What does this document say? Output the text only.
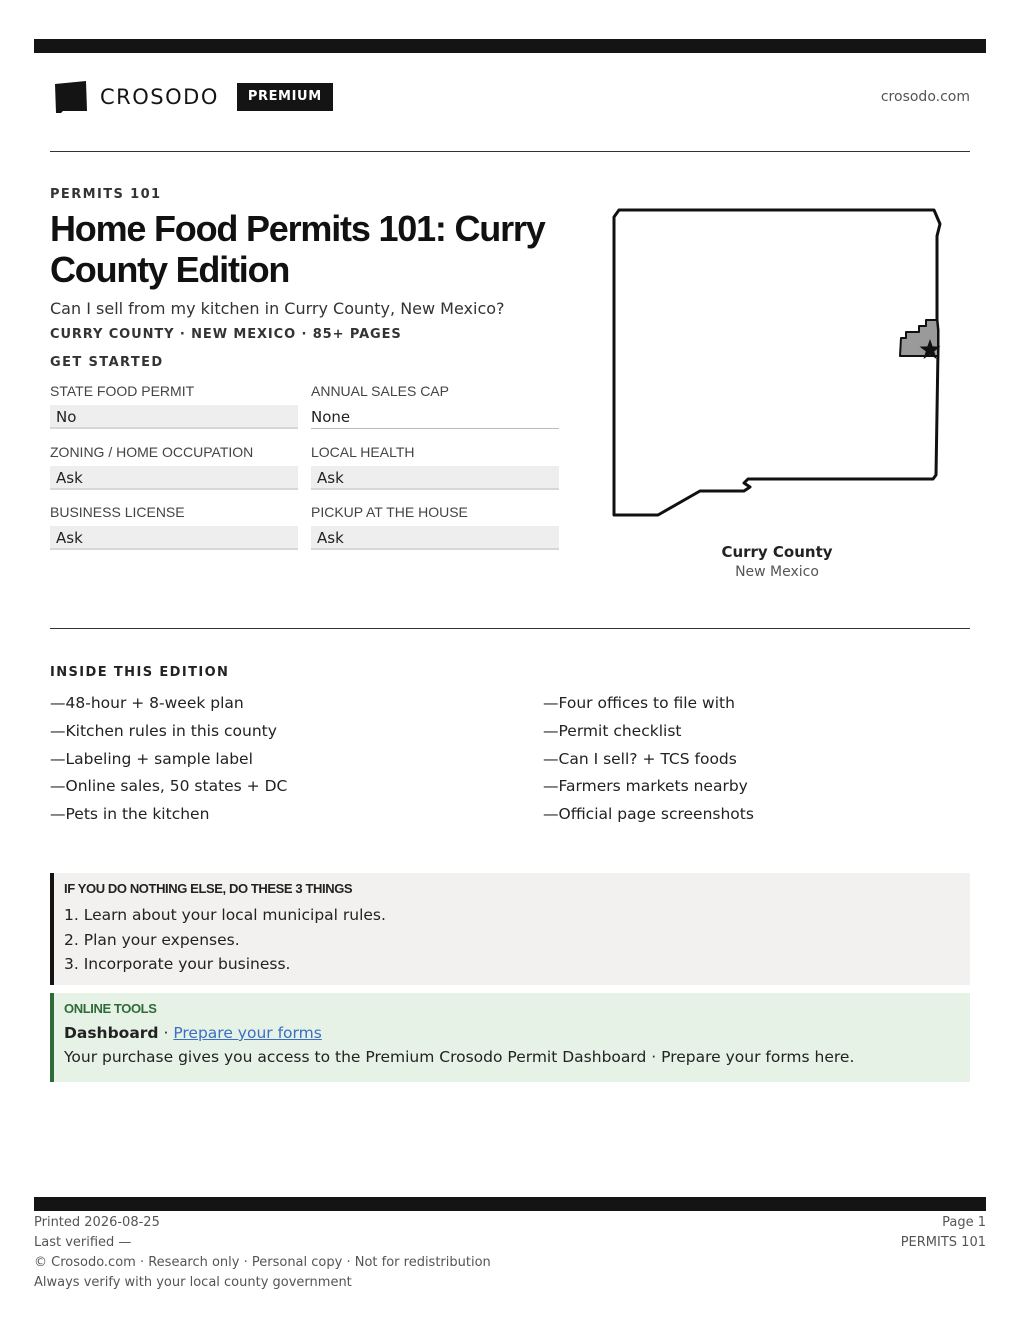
CROSODO	PREMIUM	crosodo.com
PERMITS 101
Home Food Permits 101: Curry County Edition
Can I sell from my kitchen in Curry County, New Mexico?
CURRY COUNTY · NEW MEXICO · 85+ PAGES
GET STARTED
STATE FOOD PERMIT
No
ANNUAL SALES CAP
None
ZONING / HOME OCCUPATION
Ask
LOCAL HEALTH
Ask
BUSINESS LICENSE
Ask
PICKUP AT THE HOUSE
Ask
Curry County
New Mexico
INSIDE THIS EDITION
—48-hour + 8-week plan
—Kitchen rules in this county
—Labeling + sample label
—Online sales, 50 states + DC
—Pets in the kitchen
—Four offices to file with
—Permit checklist
—Can I sell? + TCS foods
—Farmers markets nearby
—Official page screenshots
IF YOU DO NOTHING ELSE, DO THESE 3 THINGS
1. Learn about your local municipal rules.
2. Plan your expenses.
3. Incorporate your business.
ONLINE TOOLS
Dashboard · Prepare your forms
Your purchase gives you access to the Premium Crosodo Permit Dashboard · Prepare your forms here.
Printed 2026-08-25
Last verified —
© Crosodo.com · Research only · Personal copy · Not for redistribution
Always verify with your local county government
Page 1
PERMITS 101
